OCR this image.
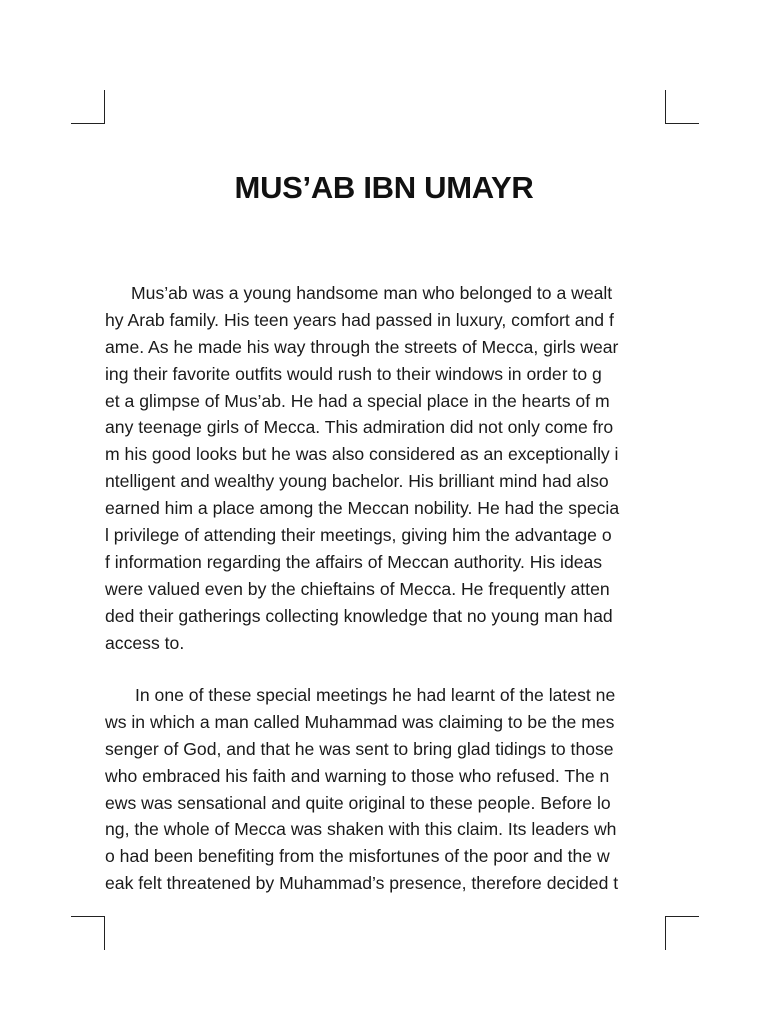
MUS’AB IBN UMAYR
Mus’ab was a young handsome man who belonged to a wealt
hy Arab family. His teen years had passed in luxury, comfort and f
ame. As he made his way through the streets of Mecca, girls wear
ing their favorite outfits would rush to their windows in order to g
et a glimpse of Mus’ab. He had a special place in the hearts of m
any teenage girls of Mecca. This admiration did not only come fro
m his good looks but he was also considered as an exceptionally i
ntelligent and wealthy young bachelor. His brilliant mind had also
earned him a place among the Meccan nobility. He had the specia
l privilege of attending their meetings, giving him the advantage o
f information regarding the affairs of Meccan authority. His ideas
were valued even by the chieftains of Mecca. He frequently atten
ded their gatherings collecting knowledge that no young man had
access to.
In one of these special meetings he had learnt of the latest ne
ws in which a man called Muhammad was claiming to be the mes
senger of God, and that he was sent to bring glad tidings to those
who embraced his faith and warning to those who refused. The n
ews was sensational and quite original to these people. Before lo
ng, the whole of Mecca was shaken with this claim. Its leaders wh
o had been benefiting from the misfortunes of the poor and the w
eak felt threatened by Muhammad’s presence, therefore decided t
